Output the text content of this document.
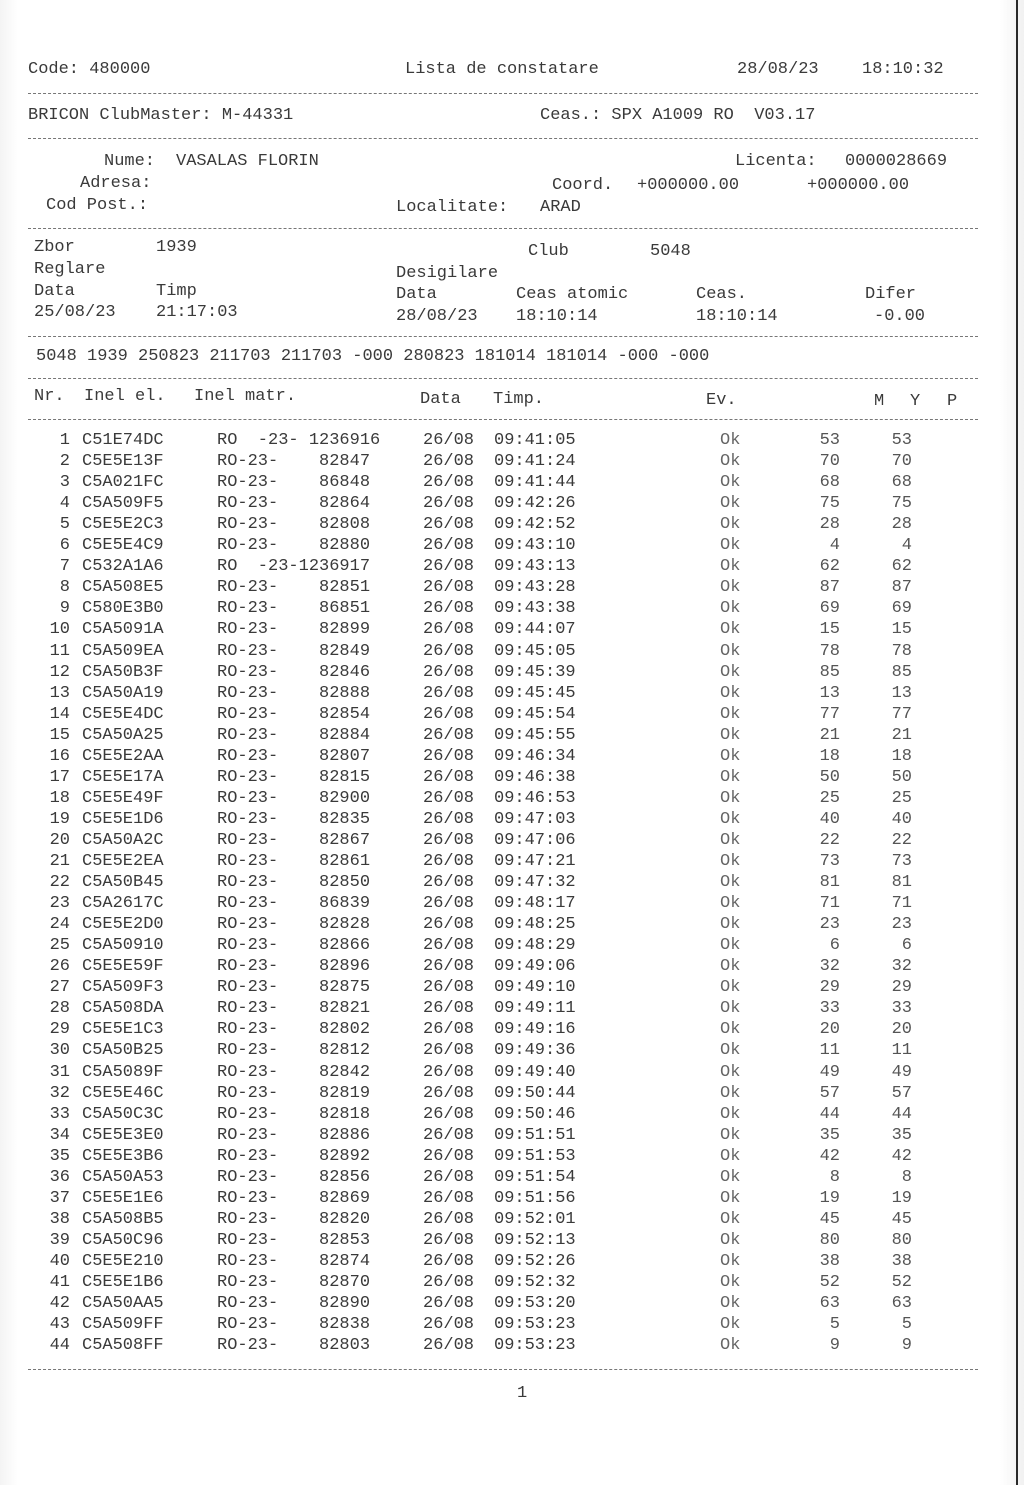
Code: 480000	Lista de constatare	28/08/23	18:10:32
BRICON ClubMaster: M-44331	Ceas.: SPX A1009 RO  V03.17
Nume: VASALAS FLORIN	Licenta: 0000028669
Adresa:	Coord. +000000.00	+000000.00
Cod Post.:	Localitate: ARAD
Zbor	1939	Club	5048
Reglare	Desigilare
Data	Timp	Data	Ceas atomic	Ceas.	Difer
25/08/23 21:17:03	28/08/23 18:10:14	18:10:14	-0.00
5048 1939 250823 211703 211703 -000 280823 181014 181014 -000 -000
Nr. Inel el. Inel matr.	Data Timp.	Ev.	M Y P
1 C51E74DC	RO  -23- 1236916	26/08 09:41:05	Ok	53	53
2 C5E5E13F	RO-23-    82847	26/08 09:41:24	Ok	70	70
3 C5A021FC	RO-23-    86848	26/08 09:41:44	Ok	68	68
4 C5A509F5	RO-23-    82864	26/08 09:42:26	Ok	75	75
5 C5E5E2C3	RO-23-    82808	26/08 09:42:52	Ok	28	28
6 C5E5E4C9	RO-23-    82880	26/08 09:43:10	Ok	4	4
7 C532A1A6	RO  -23-1236917	26/08 09:43:13	Ok	62	62
8 C5A508E5	RO-23-    82851	26/08 09:43:28	Ok	87	87
9 C580E3B0	RO-23-    86851	26/08 09:43:38	Ok	69	69
10 C5A5091A	RO-23-    82899	26/08 09:44:07	Ok	15	15
11 C5A509EA	RO-23-    82849	26/08 09:45:05	Ok	78	78
12 C5A50B3F	RO-23-    82846	26/08 09:45:39	Ok	85	85
13 C5A50A19	RO-23-    82888	26/08 09:45:45	Ok	13	13
14 C5E5E4DC	RO-23-    82854	26/08 09:45:54	Ok	77	77
15 C5A50A25	RO-23-    82884	26/08 09:45:55	Ok	21	21
16 C5E5E2AA	RO-23-    82807	26/08 09:46:34	Ok	18	18
17 C5E5E17A	RO-23-    82815	26/08 09:46:38	Ok	50	50
18 C5E5E49F	RO-23-    82900	26/08 09:46:53	Ok	25	25
19 C5E5E1D6	RO-23-    82835	26/08 09:47:03	Ok	40	40
20 C5A50A2C	RO-23-    82867	26/08 09:47:06	Ok	22	22
21 C5E5E2EA	RO-23-    82861	26/08 09:47:21	Ok	73	73
22 C5A50B45	RO-23-    82850	26/08 09:47:32	Ok	81	81
23 C5A2617C	RO-23-    86839	26/08 09:48:17	Ok	71	71
24 C5E5E2D0	RO-23-    82828	26/08 09:48:25	Ok	23	23
25 C5A50910	RO-23-    82866	26/08 09:48:29	Ok	6	6
26 C5E5E59F	RO-23-    82896	26/08 09:49:06	Ok	32	32
27 C5A509F3	RO-23-    82875	26/08 09:49:10	Ok	29	29
28 C5A508DA	RO-23-    82821	26/08 09:49:11	Ok	33	33
29 C5E5E1C3	RO-23-    82802	26/08 09:49:16	Ok	20	20
30 C5A50B25	RO-23-    82812	26/08 09:49:36	Ok	11	11
31 C5A5089F	RO-23-    82842	26/08 09:49:40	Ok	49	49
32 C5E5E46C	RO-23-    82819	26/08 09:50:44	Ok	57	57
33 C5A50C3C	RO-23-    82818	26/08 09:50:46	Ok	44	44
34 C5E5E3E0	RO-23-    82886	26/08 09:51:51	Ok	35	35
35 C5E5E3B6	RO-23-    82892	26/08 09:51:53	Ok	42	42
36 C5A50A53	RO-23-    82856	26/08 09:51:54	Ok	8	8
37 C5E5E1E6	RO-23-    82869	26/08 09:51:56	Ok	19	19
38 C5A508B5	RO-23-    82820	26/08 09:52:01	Ok	45	45
39 C5A50C96	RO-23-    82853	26/08 09:52:13	Ok	80	80
40 C5E5E210	RO-23-    82874	26/08 09:52:26	Ok	38	38
41 C5E5E1B6	RO-23-    82870	26/08 09:52:32	Ok	52	52
42 C5A50AA5	RO-23-    82890	26/08 09:53:20	Ok	63	63
43 C5A509FF	RO-23-    82838	26/08 09:53:23	Ok	5	5
44 C5A508FF	RO-23-    82803	26/08 09:53:23	Ok	9	9
1
